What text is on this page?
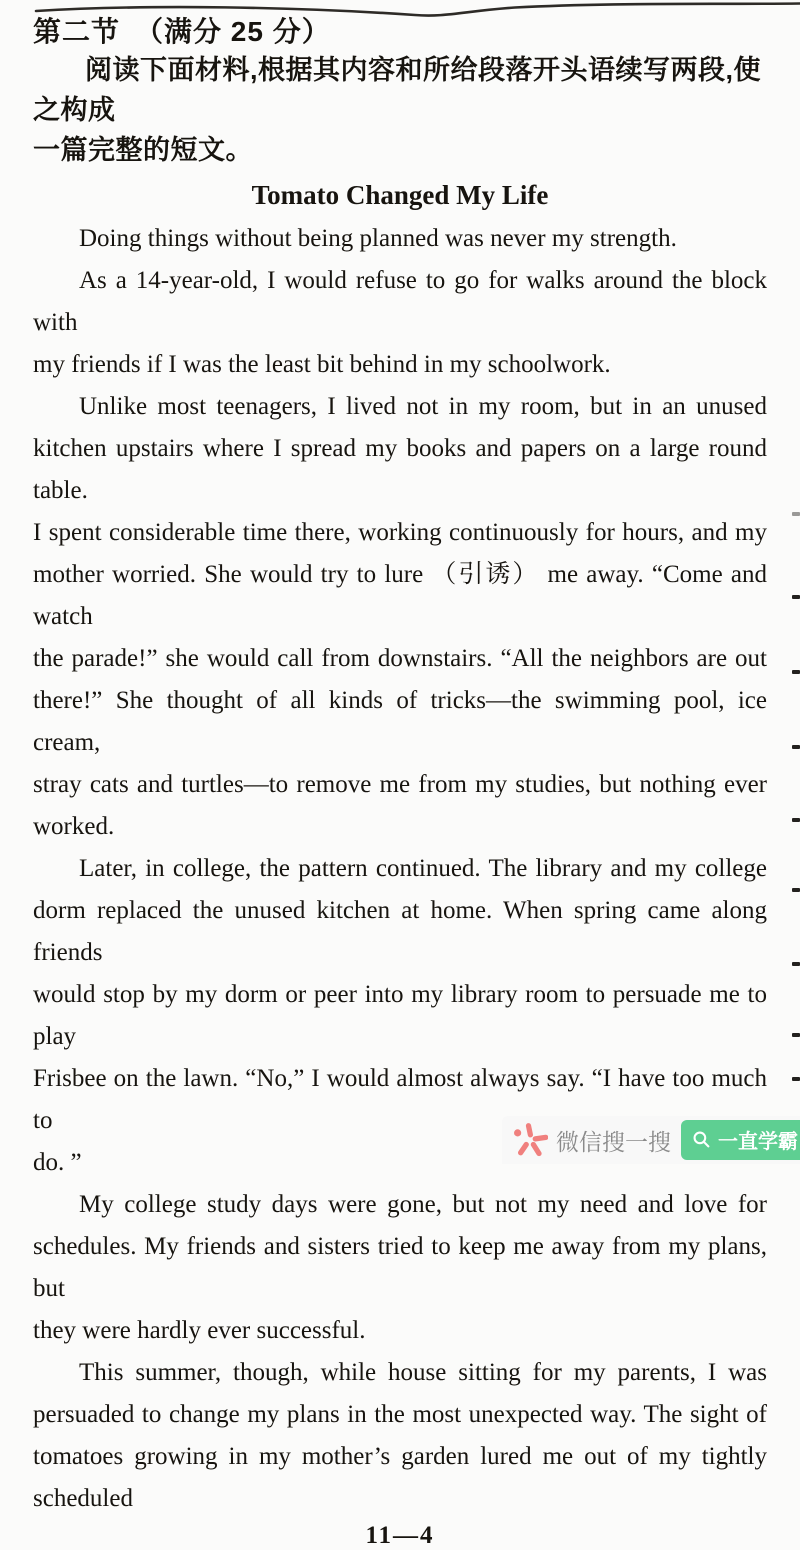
第二节　（满分 25 分）
阅读下面材料,根据其内容和所给段落开头语续写两段,使之构成
一篇完整的短文。
Tomato Changed My Life
Doing things without being planned was never my strength.
As a 14-year-old, I would refuse to go for walks around the block with
my friends if I was the least bit behind in my schoolwork.
Unlike most teenagers, I lived not in my room, but in an unused
kitchen upstairs where I spread my books and papers on a large round table.
I spent considerable time there, working continuously for hours, and my
mother worried. She would try to lure （引诱） me away. “Come and watch
the parade!” she would call from downstairs. “All the neighbors are out
there!” She thought of all kinds of tricks—the swimming pool, ice cream,
stray cats and turtles—to remove me from my studies, but nothing ever
worked.
Later, in college, the pattern continued. The library and my college
dorm replaced the unused kitchen at home. When spring came along friends
would stop by my dorm or peer into my library room to persuade me to play
Frisbee on the lawn. “No,” I would almost always say. “I have too much to
do. ”
My college study days were gone, but not my need and love for
schedules. My friends and sisters tried to keep me away from my plans, but
they were hardly ever successful.
This summer, though, while house sitting for my parents, I was
persuaded to change my plans in the most unexpected way. The sight of
tomatoes growing in my mother’s garden lured me out of my tightly scheduled
11—4
微信搜一搜 一直学霸
